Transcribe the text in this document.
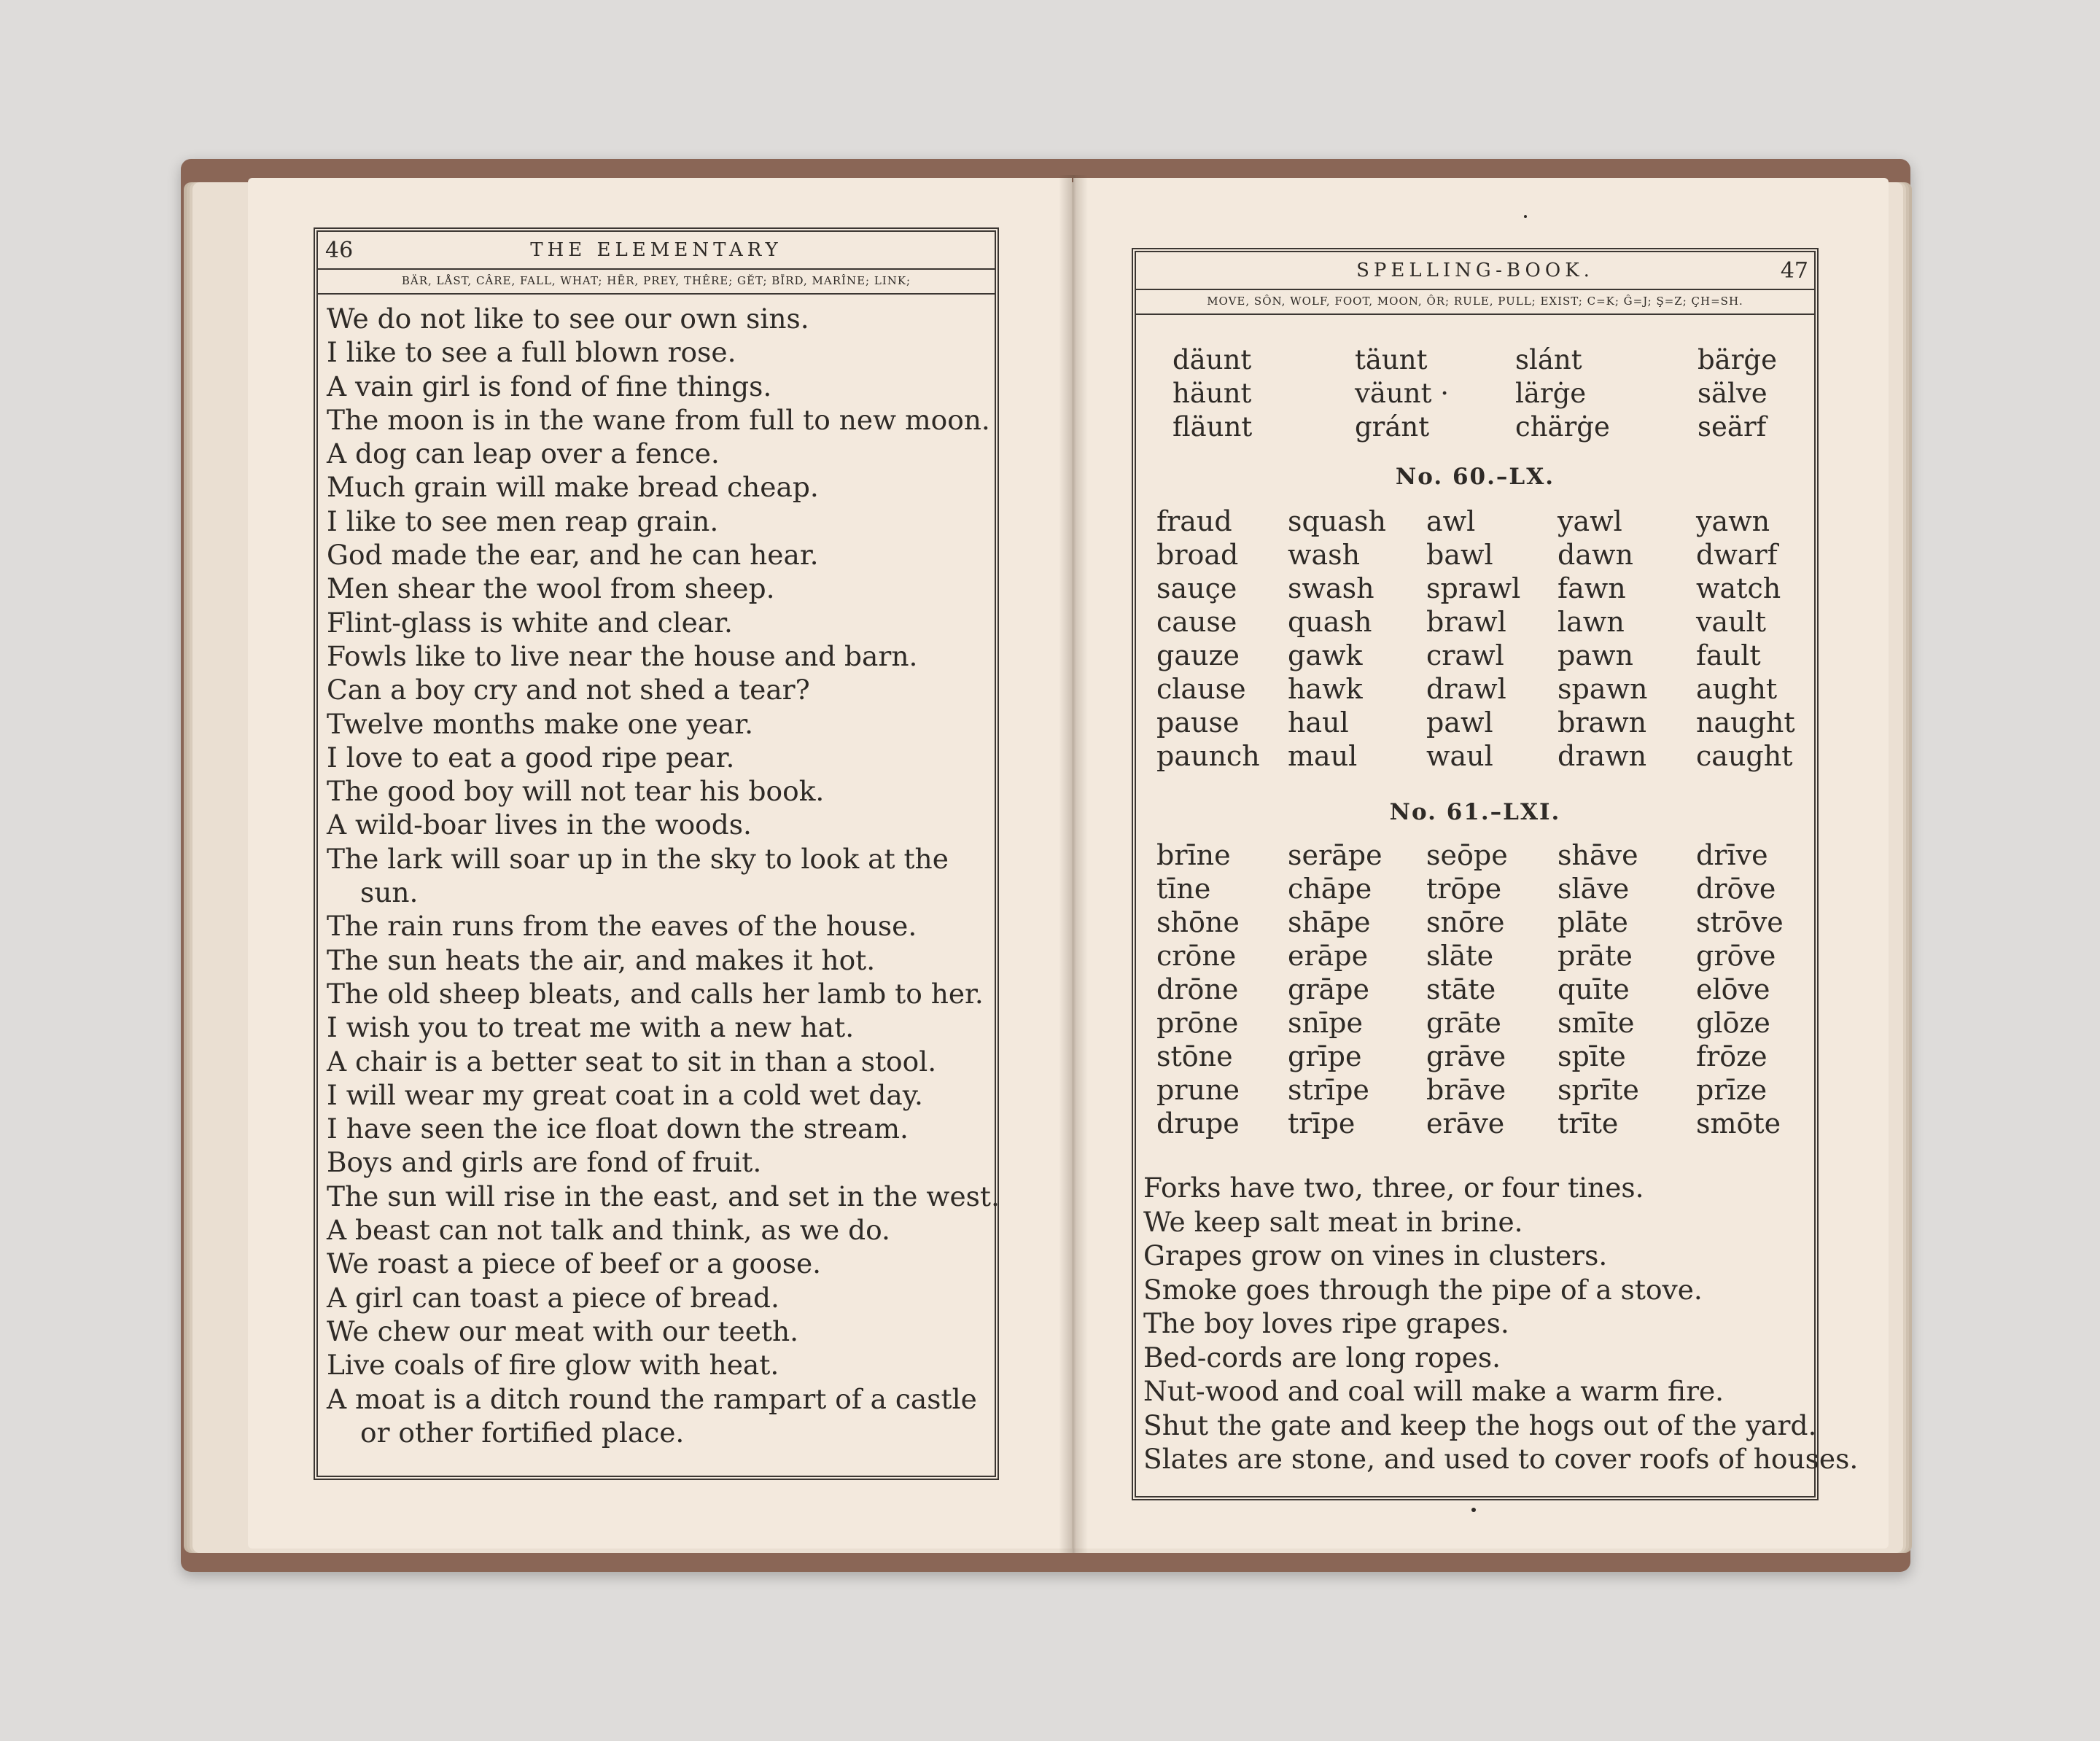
46	THE ELEMENTARY
BÄR, LÅST, CÂRE, FALL, WHAT; HĒR, PREY, THÊRE; GĔT; BĪRD, MARÎNE; LINK;
We do not like to see our own sins.
I like to see a full blown rose.
A vain girl is fond of fine things.
The moon is in the wane from full to new moon.
A dog can leap over a fence.
Much grain will make bread cheap.
I like to see men reap grain.
God made the ear, and he can hear.
Men shear the wool from sheep.
Flint-glass is white and clear.
Fowls like to live near the house and barn.
Can a boy cry and not shed a tear?
Twelve months make one year.
I love to eat a good ripe pear.
The good boy will not tear his book.
A wild-boar lives in the woods.
The lark will soar up in the sky to look at the
sun.
The rain runs from the eaves of the house.
The sun heats the air, and makes it hot.
The old sheep bleats, and calls her lamb to her.
I wish you to treat me with a new hat.
A chair is a better seat to sit in than a stool.
I will wear my great coat in a cold wet day.
I have seen the ice float down the stream.
Boys and girls are fond of fruit.
The sun will rise in the east, and set in the west.
A beast can not talk and think, as we do.
We roast a piece of beef or a goose.
A girl can toast a piece of bread.
We chew our meat with our teeth.
Live coals of fire glow with heat.
A moat is a ditch round the rampart of a castle
or other fortified place.
SPELLING-BOOK.	47
MOVE, SÔN, WOLF, FOOT, MOON, ÔR; RULE, PULL; EXIST; C=K; Ĝ=J; Ş=Z; ÇH=SH.
däunt
häunt
fläunt
täunt
väunt ·
gránt
slánt
lärġe
chärġe
bärġe
sälve
seärf
No. 60.–LX.
fraud
broad
sauçe
cause
gauze
clause
pause
paunch
squash
wash
swash
quash
gawk
hawk
haul
maul
awl
bawl
sprawl
brawl
crawl
drawl
pawl
waul
yawl
dawn
fawn
lawn
pawn
spawn
brawn
drawn
yawn
dwarf
watch
vault
fault
aught
naught
caught
No. 61.–LXI.
brīne
tīne
shōne
crōne
drōne
prōne
stōne
prune
drupe
serāpe
chāpe
shāpe
erāpe
grāpe
snīpe
grīpe
strīpe
trīpe
seōpe
trōpe
snōre
slāte
stāte
grāte
grāve
brāve
erāve
shāve
slāve
plāte
prāte
quīte
smīte
spīte
sprīte
trīte
drīve
drōve
strōve
grōve
elōve
glōze
frōze
prīze
smōte
Forks have two, three, or four tines.
We keep salt meat in brine.
Grapes grow on vines in clusters.
Smoke goes through the pipe of a stove.
The boy loves ripe grapes.
Bed-cords are long ropes.
Nut-wood and coal will make a warm fire.
Shut the gate and keep the hogs out of the yard.
Slates are stone, and used to cover roofs of houses.
